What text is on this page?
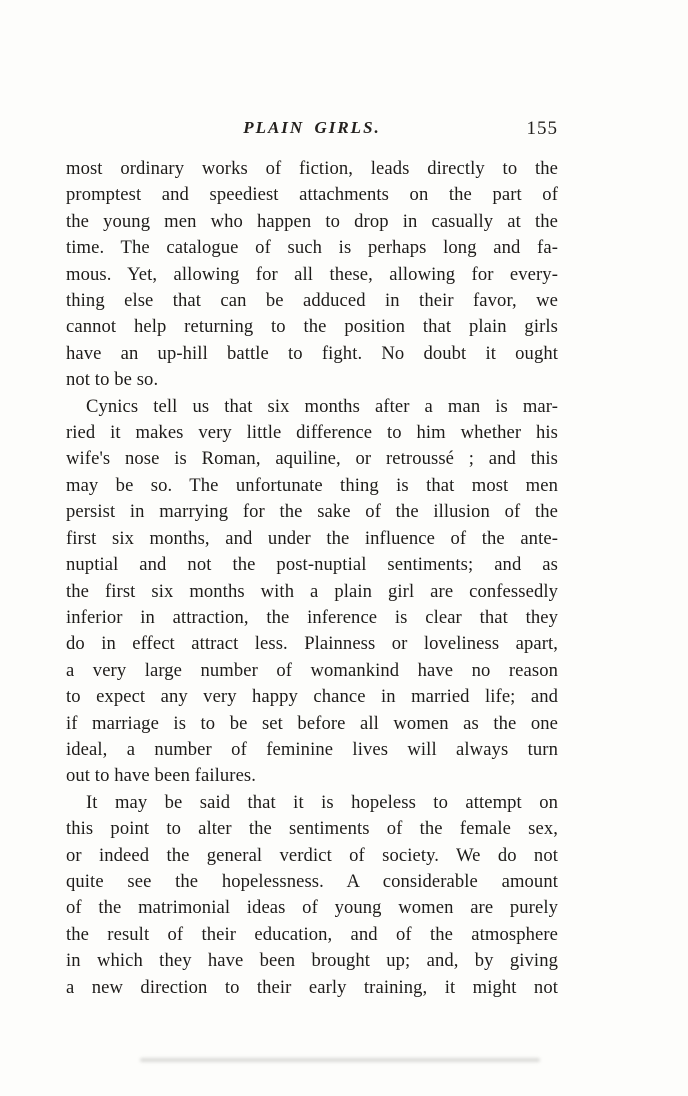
PLAIN GIRLS.	155
most ordinary works of fiction, leads directly to the
promptest and speediest attachments on the part of
the young men who happen to drop in casually at the
time. The catalogue of such is perhaps long and fa-
mous. Yet, allowing for all these, allowing for every-
thing else that can be adduced in their favor, we
cannot help returning to the position that plain girls
have an up-hill battle to fight. No doubt it ought
not to be so.
Cynics tell us that six months after a man is mar-
ried it makes very little difference to him whether his
wife's nose is Roman, aquiline, or retroussé ; and this
may be so. The unfortunate thing is that most men
persist in marrying for the sake of the illusion of the
first six months, and under the influence of the ante-
nuptial and not the post-nuptial sentiments; and as
the first six months with a plain girl are confessedly
inferior in attraction, the inference is clear that they
do in effect attract less. Plainness or loveliness apart,
a very large number of womankind have no reason
to expect any very happy chance in married life; and
if marriage is to be set before all women as the one
ideal, a number of feminine lives will always turn
out to have been failures.
It may be said that it is hopeless to attempt on
this point to alter the sentiments of the female sex,
or indeed the general verdict of society. We do not
quite see the hopelessness. A considerable amount
of the matrimonial ideas of young women are purely
the result of their education, and of the atmosphere
in which they have been brought up; and, by giving
a new direction to their early training, it might not
